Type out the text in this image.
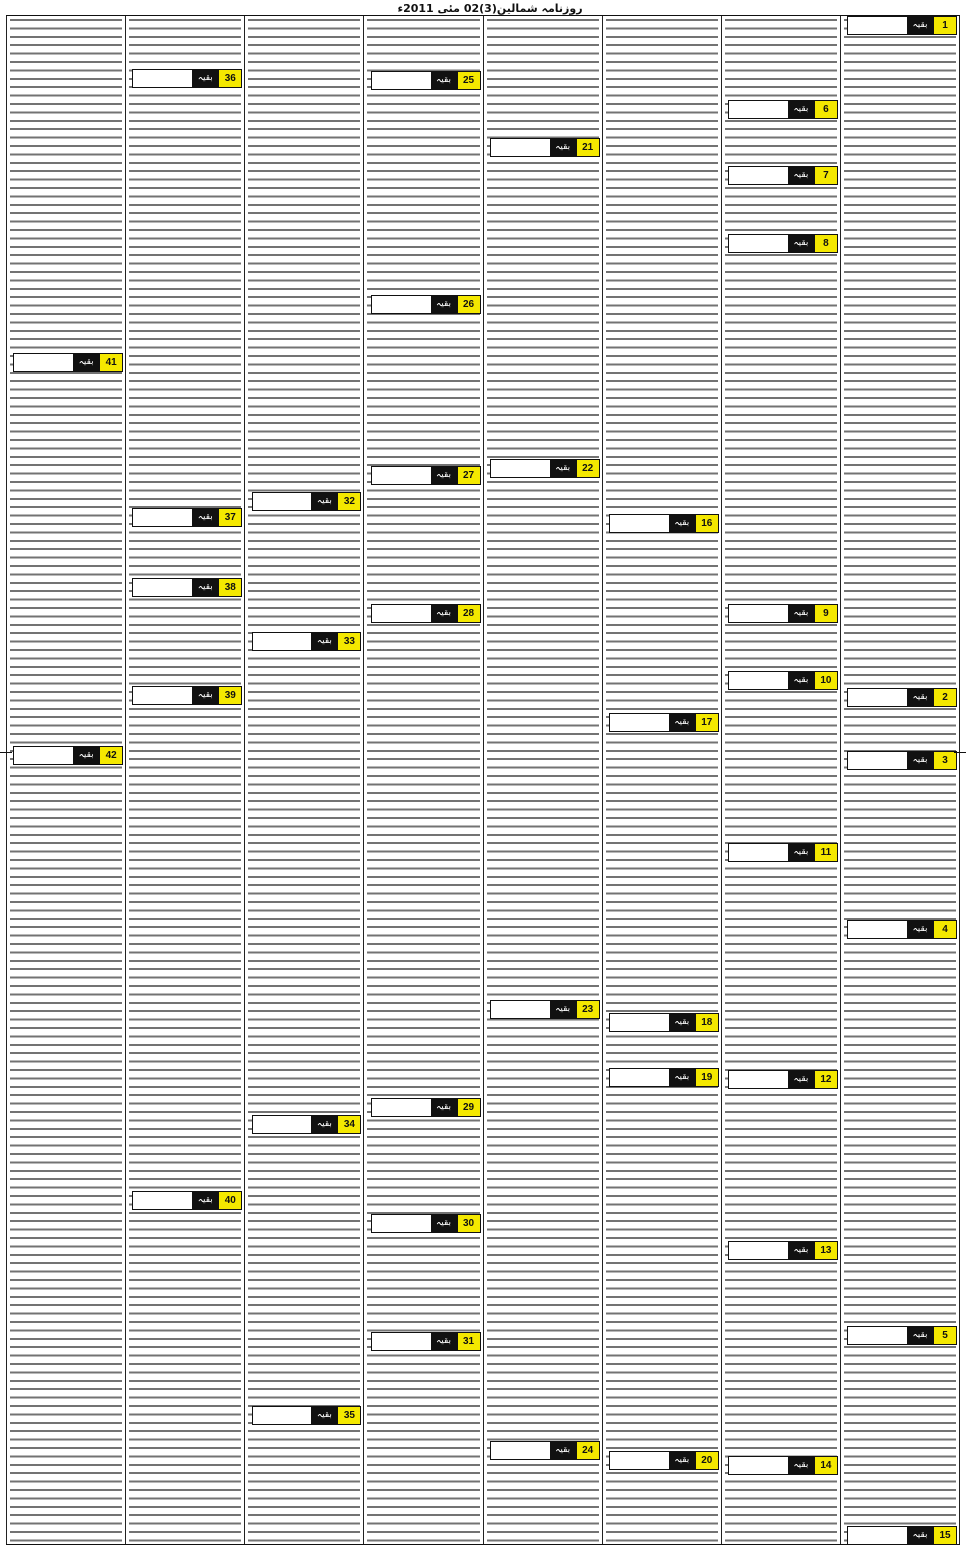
روزنامہ شمالین(3)02 مئی 2011ء
1
بقیہ
2
بقیہ
3
بقیہ
4
بقیہ
5
بقیہ
15
بقیہ
6
بقیہ
7
بقیہ
8
بقیہ
9
بقیہ
10
بقیہ
11
بقیہ
12
بقیہ
13
بقیہ
14
بقیہ
16
بقیہ
17
بقیہ
18
بقیہ
19
بقیہ
20
بقیہ
21
بقیہ
22
بقیہ
23
بقیہ
24
بقیہ
25
بقیہ
26
بقیہ
27
بقیہ
28
بقیہ
29
بقیہ
30
بقیہ
31
بقیہ
32
بقیہ
33
بقیہ
34
بقیہ
35
بقیہ
36
بقیہ
37
بقیہ
38
بقیہ
39
بقیہ
40
بقیہ
41
بقیہ
42
بقیہ
